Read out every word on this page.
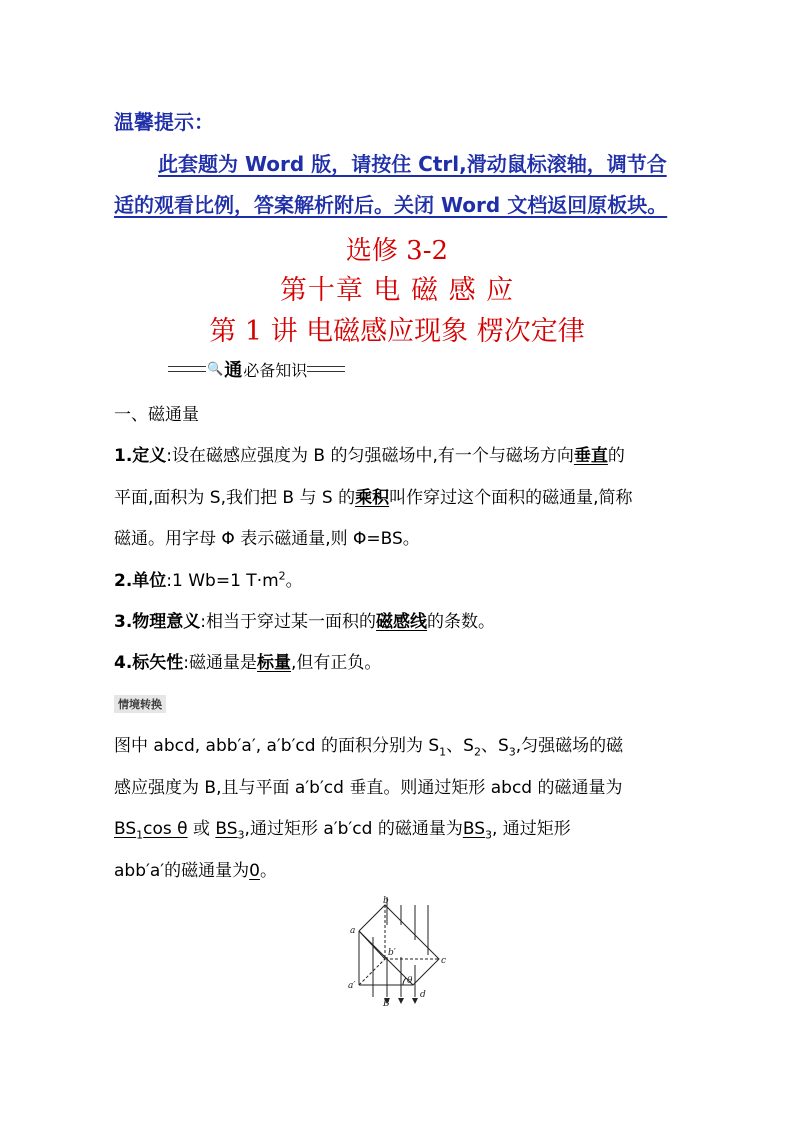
温馨提示：
此套题为 Word 版，请按住 Ctrl,滑动鼠标滚轴，调节合
适的观看比例，答案解析附后。关闭 Word 文档返回原板块。
选修 3-2
第十章 电 磁 感 应
第 1 讲 电磁感应现象 楞次定律
🔍 通 必备知识
一、磁通量
1.定义:设在磁感应强度为 B 的匀强磁场中,有一个与磁场方向垂直的
平面,面积为 S,我们把 B 与 S 的乘积叫作穿过这个面积的磁通量,简称
磁通。用字母 Φ 表示磁通量,则 Φ=BS。
2.单位:1 Wb=1 $T\cdot m^2$。
3.物理意义:相当于穿过某一面积的磁感线的条数。
4.标矢性:磁通量是标量,但有正负。
情境转换
图中 abcd, abb′a′, a′b′cd 的面积分别为 $S_1$、$S_2$、$S_3$,匀强磁场的磁
感应强度为 B,且与平面 a′b′cd 垂直。则通过矩形 abcd 的磁通量为
$BS_1\cos$ θ 或 $BS_3$,通过矩形 a′b′cd 的磁通量为$BS_3$, 通过矩形
abb′a′的磁通量为0。
a
b
c
d
a′
b′
B
θ
